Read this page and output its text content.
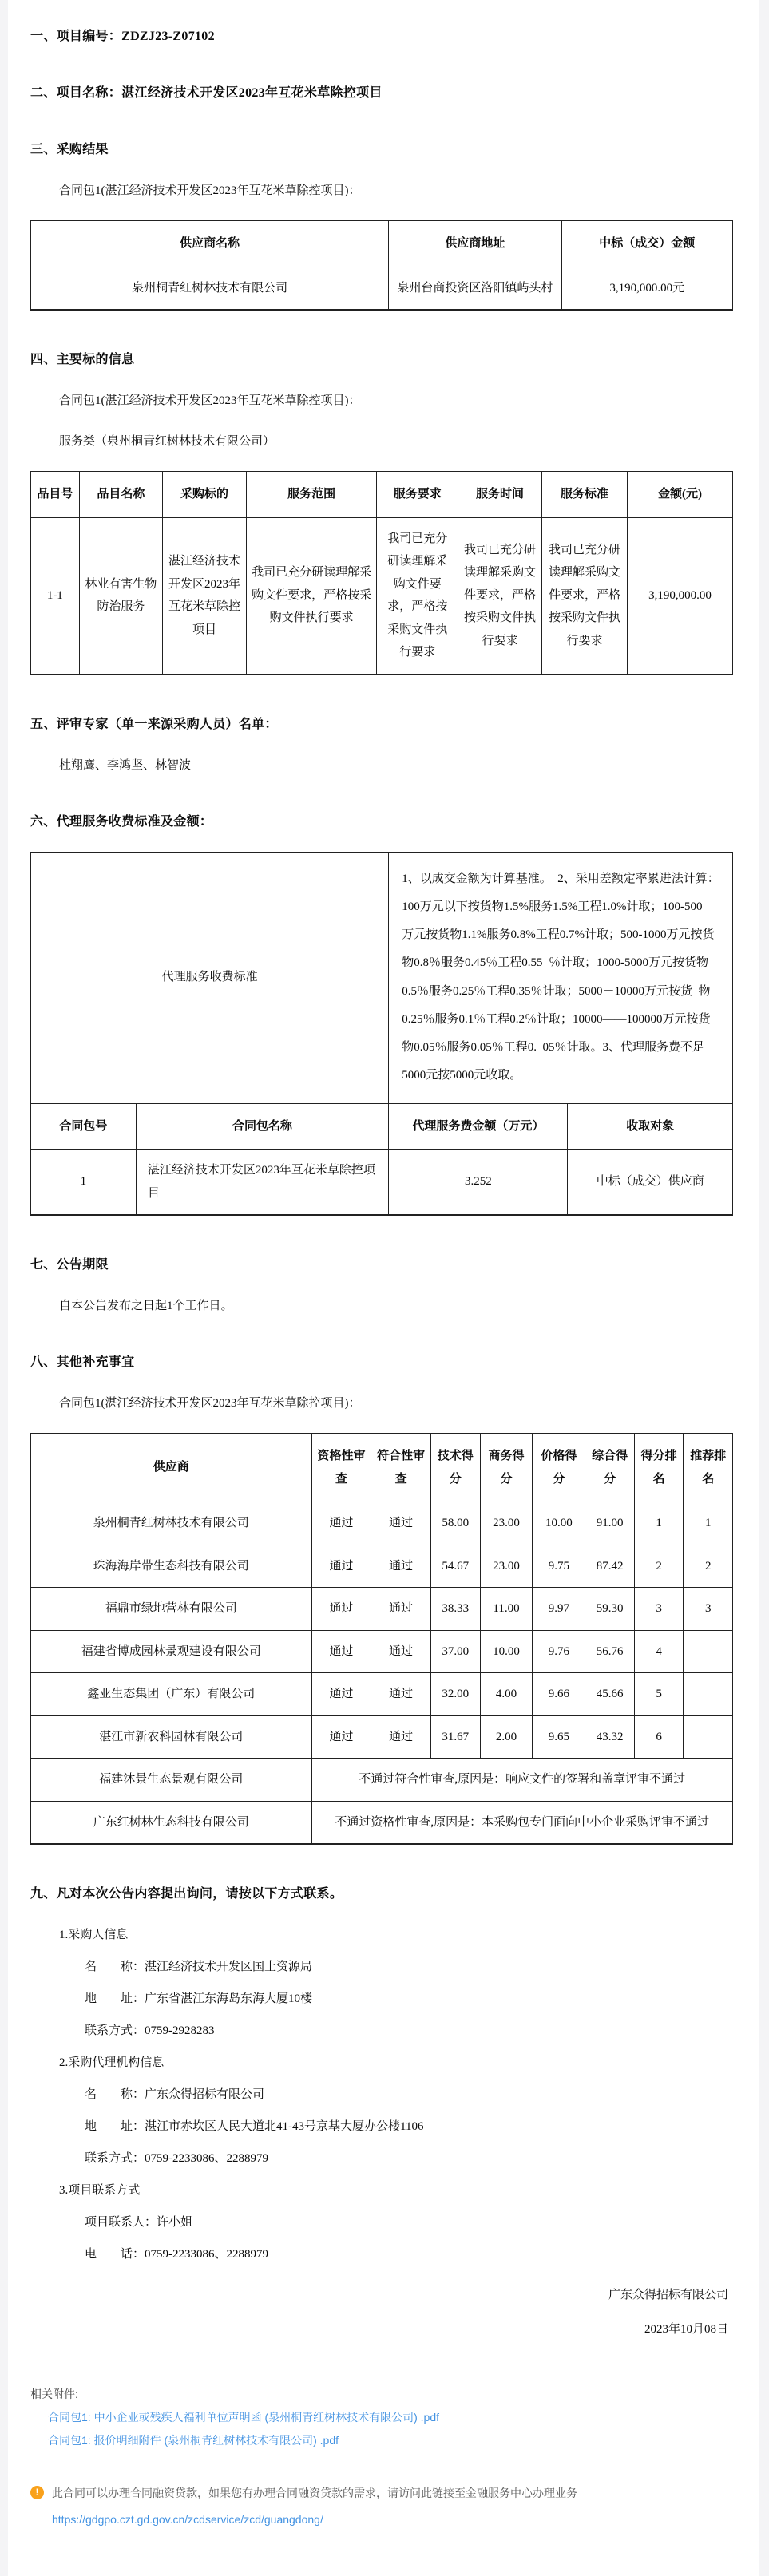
一、项目编号：ZDZJ23-Z07102
二、项目名称：湛江经济技术开发区2023年互花米草除控项目
三、采购结果
合同包1(湛江经济技术开发区2023年互花米草除控项目)：
供应商名称	供应商地址	中标（成交）金额
泉州桐青红树林技术有限公司	泉州台商投资区洛阳镇屿头村	3,190,000.00元
四、主要标的信息
合同包1(湛江经济技术开发区2023年互花米草除控项目)：
服务类（泉州桐青红树林技术有限公司）
品目号	品目名称	采购标的	服务范围	服务要求	服务时间	服务标准	金额(元)
1-1	林业有害生物防治服务	湛江经济技术开发区2023年互花米草除控项目	我司已充分研读理解采购文件要求，严格按采购文件执行要求	我司已充分研读理解采购文件要求，严格按采购文件执行要求	我司已充分研读理解采购文件要求，严格按采购文件执行要求	我司已充分研读理解采购文件要求，严格按采购文件执行要求	3,190,000.00
五、评审专家（单一来源采购人员）名单：
杜翔鹰、李鸿坚、林智波
六、代理服务收费标准及金额：
代理服务收费标准		1、以成交金额为计算基准。  2、采用差额定率累进法计算：100万元以下按货物1.5%服务1.5%工程1.0%计取；100-500  万元按货物1.1%服务0.8%工程0.7%计取；500-1000万元按货物0.8％服务0.45％工程0.55  ％计取；1000-5000万元按货物0.5％服务0.25％工程0.35％计取；5000－10000万元按货  物0.25％服务0.1％工程0.2％计取；10000——100000万元按货物0.05％服务0.05％工程0.  05％计取。3、代理服务费不足5000元按5000元收取。	
合同包号	合同包名称	代理服务费金额（万元）	收取对象
1	湛江经济技术开发区2023年互花米草除控项目	3.252	中标（成交）供应商
七、公告期限
自本公告发布之日起1个工作日。
八、其他补充事宜
合同包1(湛江经济技术开发区2023年互花米草除控项目)：
供应商	资格性审查	符合性审查	技术得分	商务得分	价格得分	综合得分	得分排名	推荐排名
泉州桐青红树林技术有限公司	通过	通过	58.00	23.00	10.00	91.00	1	1
珠海海岸带生态科技有限公司	通过	通过	54.67	23.00	9.75	87.42	2	2
福鼎市绿地营林有限公司	通过	通过	38.33	11.00	9.97	59.30	3	3
福建省博成园林景观建设有限公司	通过	通过	37.00	10.00	9.76	56.76	4	
鑫亚生态集团（广东）有限公司	通过	通过	32.00	4.00	9.66	45.66	5	
湛江市新农科园林有限公司	通过	通过	31.67	2.00	9.65	43.32	6	
福建沐景生态景观有限公司	不通过符合性审查,原因是：响应文件的签署和盖章评审不通过							
广东红树林生态科技有限公司	不通过资格性审查,原因是：本采购包专门面向中小企业采购评审不通过							
九、凡对本次公告内容提出询问，请按以下方式联系。
1.采购人信息
名　　称：湛江经济技术开发区国土资源局
地　　址：广东省湛江东海岛东海大厦10楼
联系方式：0759-2928283
2.采购代理机构信息
名　　称：广东众得招标有限公司
地　　址：湛江市赤坎区人民大道北41-43号京基大厦办公楼1106
联系方式：0759-2233086、2288979
3.项目联系方式
项目联系人：许小姐
电　　话：0759-2233086、2288979
广东众得招标有限公司
2023年10月08日
相关附件:
合同包1: 中小企业或残疾人福利单位声明函 (泉州桐青红树林技术有限公司) .pdf
合同包1: 报价明细附件 (泉州桐青红树林技术有限公司) .pdf
!	此合同可以办理合同融资贷款，如果您有办理合同融资贷款的需求，请访问此链接至金融服务中心办理业务
https://gdgpo.czt.gd.gov.cn/zcdservice/zcd/guangdong/
